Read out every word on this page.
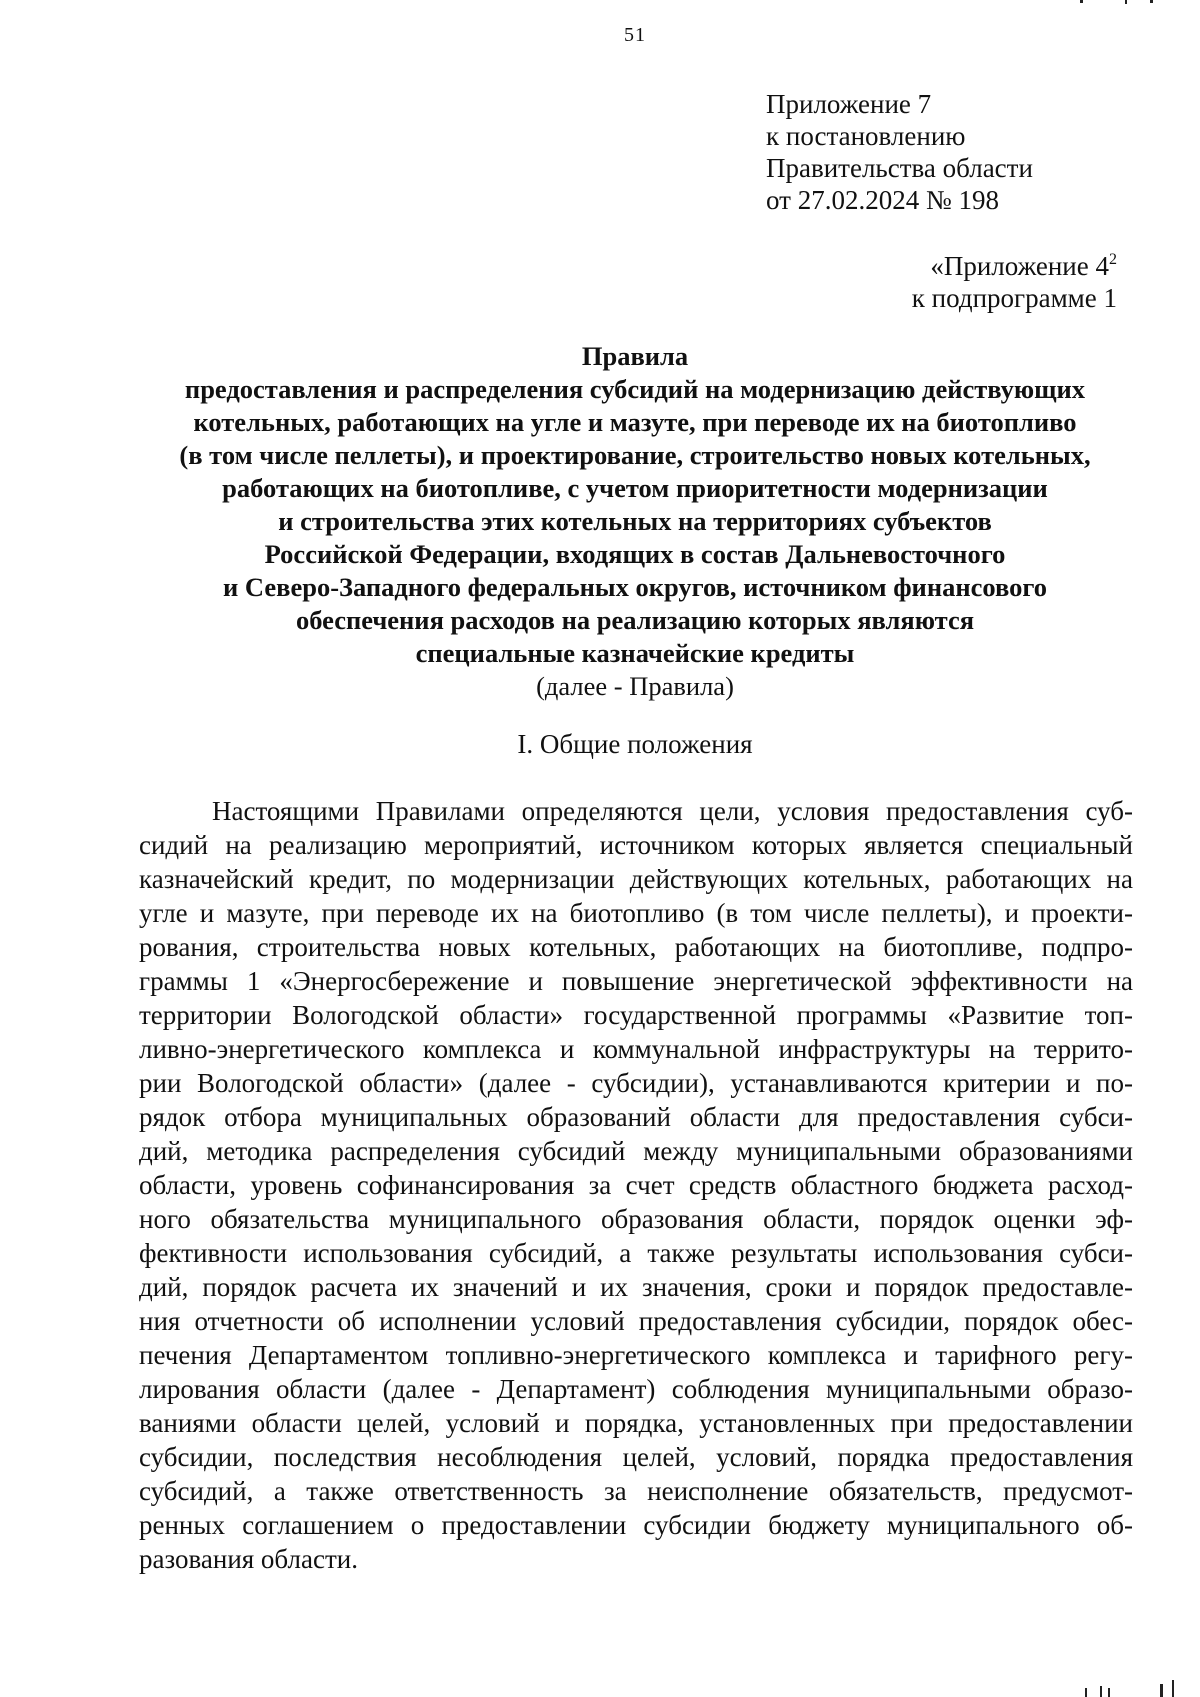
51
Приложение 7
к постановлению
Правительства области
от 27.02.2024 № 198
«Приложение $4^2$
к подпрограмме 1
Правила
предоставления и распределения субсидий на модернизацию действующих
котельных, работающих на угле и мазуте, при переводе их на биотопливо
(в том числе пеллеты), и проектирование, строительство новых котельных,
работающих на биотопливе, с учетом приоритетности модернизации
и строительства этих котельных на территориях субъектов
Российской Федерации, входящих в состав Дальневосточного
и Северо-Западного федеральных округов, источником финансового
обеспечения расходов на реализацию которых являются
специальные казначейские кредиты
(далее - Правила)
I. Общие положения
Настоящими Правилами определяются цели, условия предоставления суб-
сидий на реализацию мероприятий, источником которых является специальный
казначейский кредит, по модернизации действующих котельных, работающих на
угле и мазуте, при переводе их на биотопливо (в том числе пеллеты), и проекти-
рования, строительства новых котельных, работающих на биотопливе, подпро-
граммы 1 «Энергосбережение и повышение энергетической эффективности на
территории Вологодской области» государственной программы «Развитие топ-
ливно-энергетического комплекса и коммунальной инфраструктуры на террито-
рии Вологодской области» (далее - субсидии), устанавливаются критерии и по-
рядок отбора муниципальных образований области для предоставления субси-
дий, методика распределения субсидий между муниципальными образованиями
области, уровень софинансирования за счет средств областного бюджета расход-
ного обязательства муниципального образования области, порядок оценки эф-
фективности использования субсидий, а также результаты использования субси-
дий, порядок расчета их значений и их значения, сроки и порядок предоставле-
ния отчетности об исполнении условий предоставления субсидии, порядок обес-
печения Департаментом топливно-энергетического комплекса и тарифного регу-
лирования области (далее - Департамент) соблюдения муниципальными образо-
ваниями области целей, условий и порядка, установленных при предоставлении
субсидии, последствия несоблюдения целей, условий, порядка предоставления
субсидий, а также ответственность за неисполнение обязательств, предусмот-
ренных соглашением о предоставлении субсидии бюджету муниципального об-
разования области.
